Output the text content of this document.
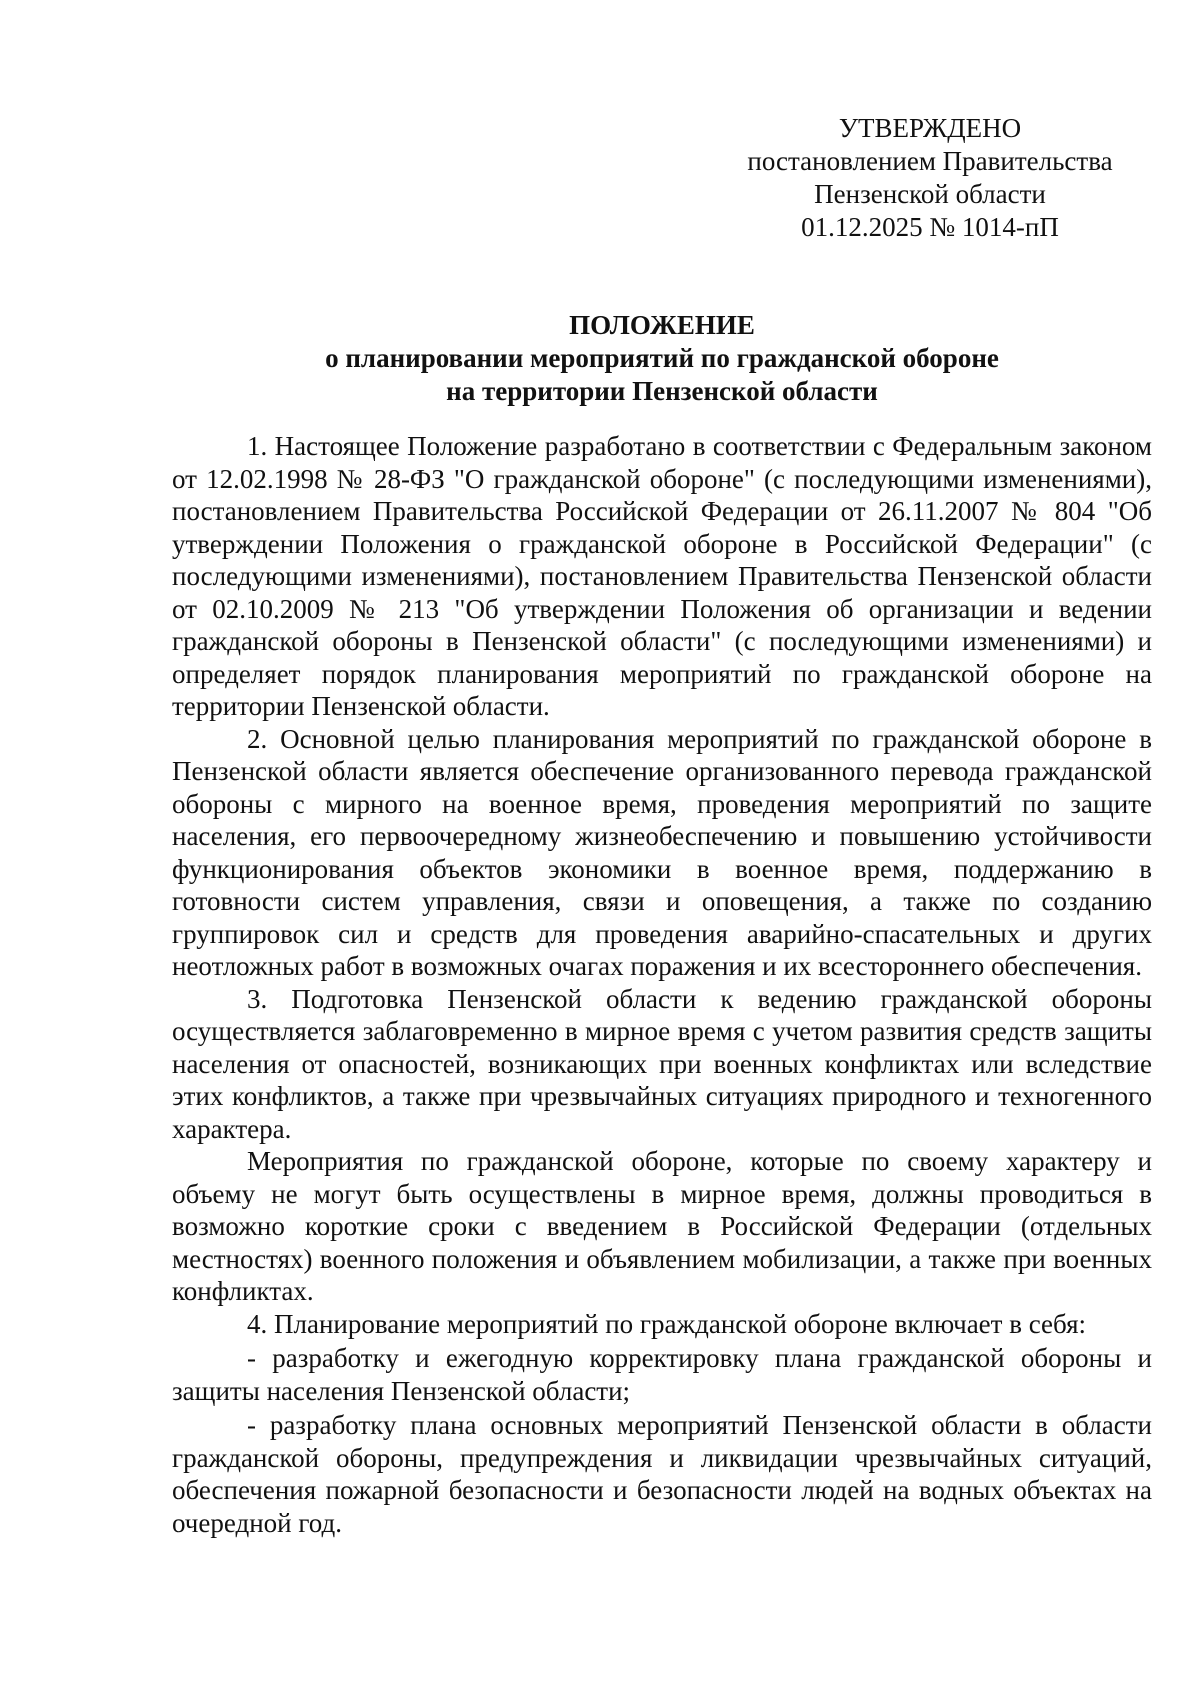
УТВЕРЖДЕНО
постановлением Правительства
Пензенской области
01.12.2025 № 1014-пП
ПОЛОЖЕНИЕ
о планировании мероприятий по гражданской обороне
на территории Пензенской области

1. Настоящее Положение разработано в соответствии с Федеральным законом от 12.02.1998 № 28-ФЗ "О гражданской обороне" (с последующими изменениями), постановлением Правительства Российской Федерации от 26.11.2007 № 804 "Об утверждении Положения о гражданской обороне в Российской Федерации" (с последующими изменениями), постановлением Правительства Пензенской области от 02.10.2009 № 213 "Об утверждении Положения об организации и ведении гражданской обороны в Пензенской области" (с последующими изменениями) и определяет порядок планирования мероприятий по гражданской обороне на территории Пензенской области.

2. Основной целью планирования мероприятий по гражданской обороне в Пензенской области является обеспечение организованного перевода гражданской обороны с мирного на военное время, проведения мероприятий по защите населения, его первоочередному жизнеобеспечению и повышению устойчивости функционирования объектов экономики в военное время, поддержанию в готовности систем управления, связи и оповещения, а также по созданию группировок сил и средств для проведения аварийно-спасательных и других неотложных работ в возможных очагах поражения и их всестороннего обеспечения.

3. Подготовка Пензенской области к ведению гражданской обороны осуществляется заблаговременно в мирное время с учетом развития средств защиты населения от опасностей, возникающих при военных конфликтах или вследствие этих конфликтов, а также при чрезвычайных ситуациях природного и техногенного характера.

Мероприятия по гражданской обороне, которые по своему характеру и объему не могут быть осуществлены в мирное время, должны проводиться в возможно короткие сроки с введением в Российской Федерации (отдельных местностях) военного положения и объявлением мобилизации, а также при военных конфликтах.

4. Планирование мероприятий по гражданской обороне включает в себя:

- разработку и ежегодную корректировку плана гражданской обороны и защиты населения Пензенской области;

- разработку плана основных мероприятий Пензенской области в области гражданской обороны, предупреждения и ликвидации чрезвычайных ситуаций, обеспечения пожарной безопасности и безопасности людей на водных объектах на очередной год.
